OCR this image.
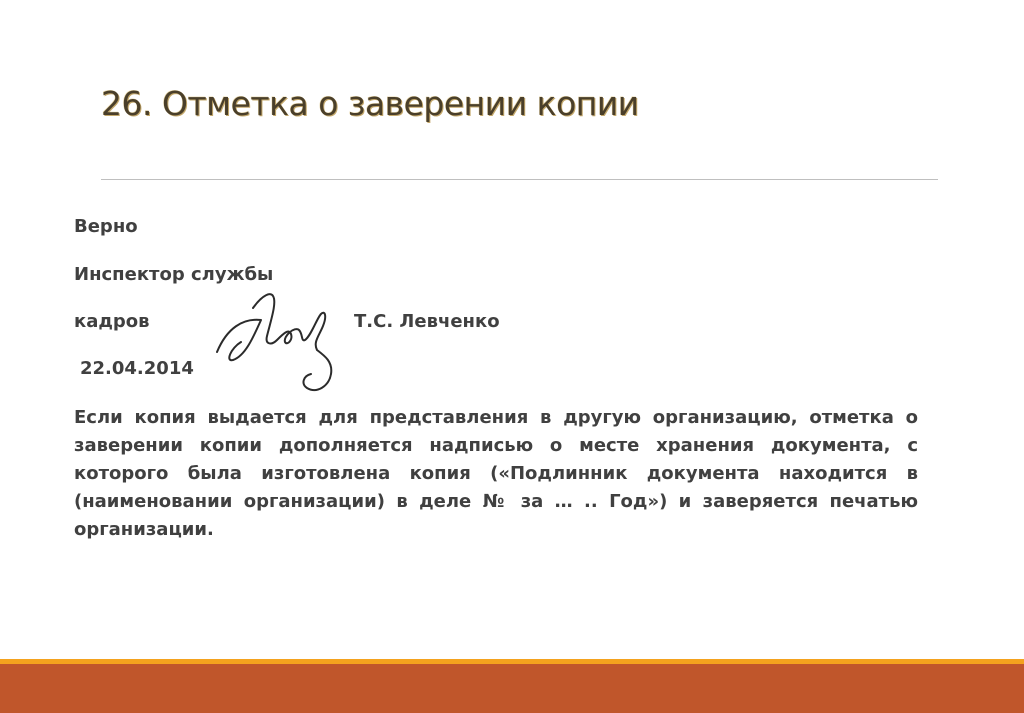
26. Отметка о заверении копии

Верно

Инспектор службы

кадров	Т.С. Левченко

22.04.2014

Если копия выдается для представления в другую организацию, отметка о заверении копии дополняется надписью о месте хранения документа, с которого была изготовлена копия («Подлинник документа находится в (наименовании организации) в деле № за … .. Год») и заверяется печатью организации.
